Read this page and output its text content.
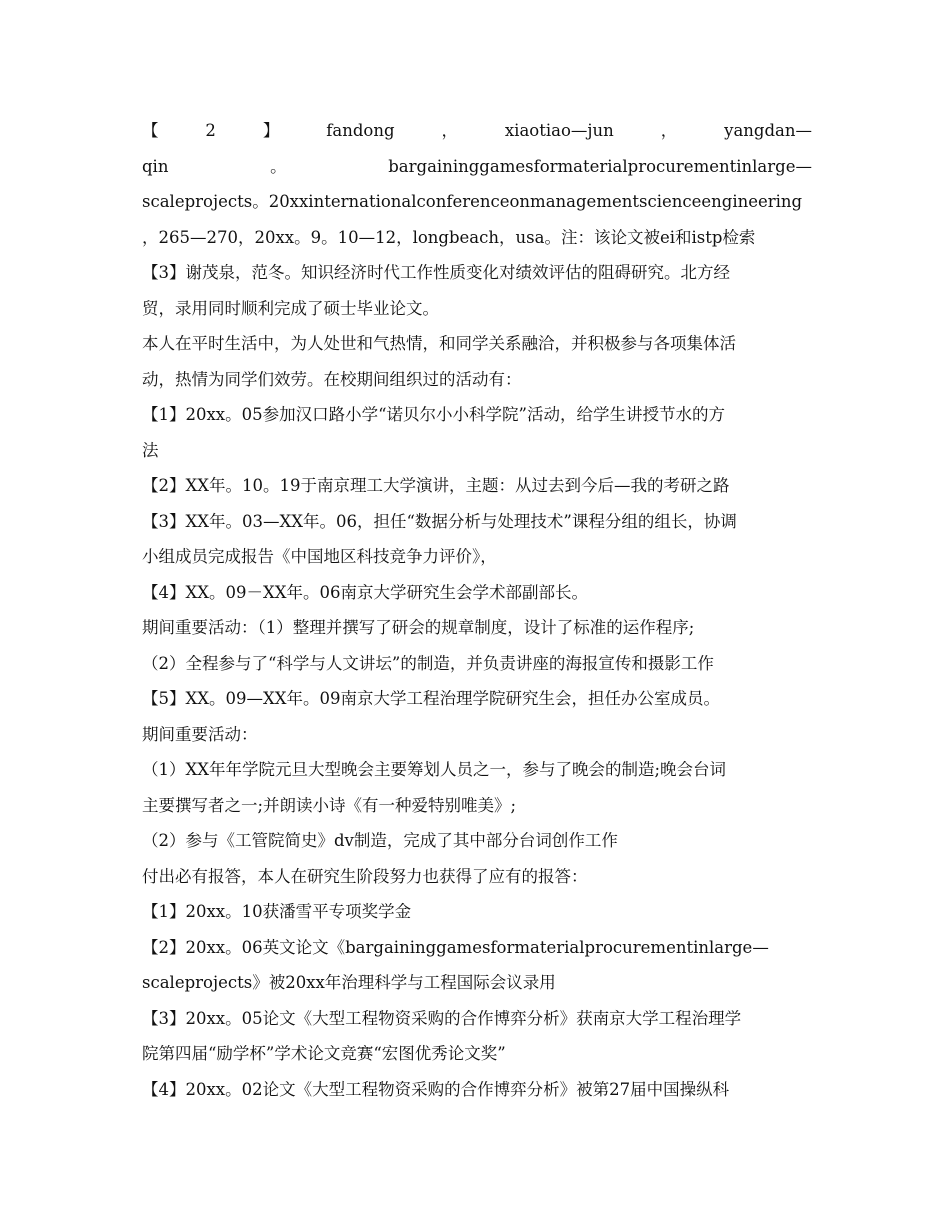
【	2	】	fandong	，	xiaotiao—jun	，	yangdan—
qin	。	bargaininggamesformaterialprocurementinlarge—
scaleprojects。20xxinternationalconferenceonmanagementscienceengineering
，265—270，20xx。9。10—12，longbeach，usa。注：该论文被ei和istp检索
【3】谢茂泉，范冬。知识经济时代工作性质变化对绩效评估的阻碍研究。北方经
贸，录用同时顺利完成了硕士毕业论文。
本人在平时生活中，为人处世和气热情，和同学关系融洽，并积极参与各项集体活
动，热情为同学们效劳。在校期间组织过的活动有：
【1】20xx。05参加汉口路小学“诺贝尔小小科学院”活动，给学生讲授节水的方
法
【2】XX年。10。19于南京理工大学演讲，主题：从过去到今后—我的考研之路
【3】XX年。03—XX年。06，担任“数据分析与处理技术”课程分组的组长，协调
小组成员完成报告《中国地区科技竞争力评价》，
【4】XX。09－XX年。06南京大学研究生会学术部副部长。
期间重要活动：（1）整理并撰写了研会的规章制度，设计了标准的运作程序;
（2）全程参与了“科学与人文讲坛”的制造，并负责讲座的海报宣传和摄影工作
【5】XX。09—XX年。09南京大学工程治理学院研究生会，担任办公室成员。
期间重要活动：
（1）XX年年学院元旦大型晚会主要筹划人员之一，参与了晚会的制造;晚会台词
主要撰写者之一;并朗读小诗《有一种爱特别唯美》;
（2）参与《工管院简史》dv制造，完成了其中部分台词创作工作
付出必有报答，本人在研究生阶段努力也获得了应有的报答：
【1】20xx。10获潘雪平专项奖学金
【2】20xx。06英文论文《bargaininggamesformaterialprocurementinlarge—
scaleprojects》被20xx年治理科学与工程国际会议录用
【3】20xx。05论文《大型工程物资采购的合作博弈分析》获南京大学工程治理学
院第四届“励学杯”学术论文竞赛“宏图优秀论文奖”
【4】20xx。02论文《大型工程物资采购的合作博弈分析》被第27届中国操纵科
